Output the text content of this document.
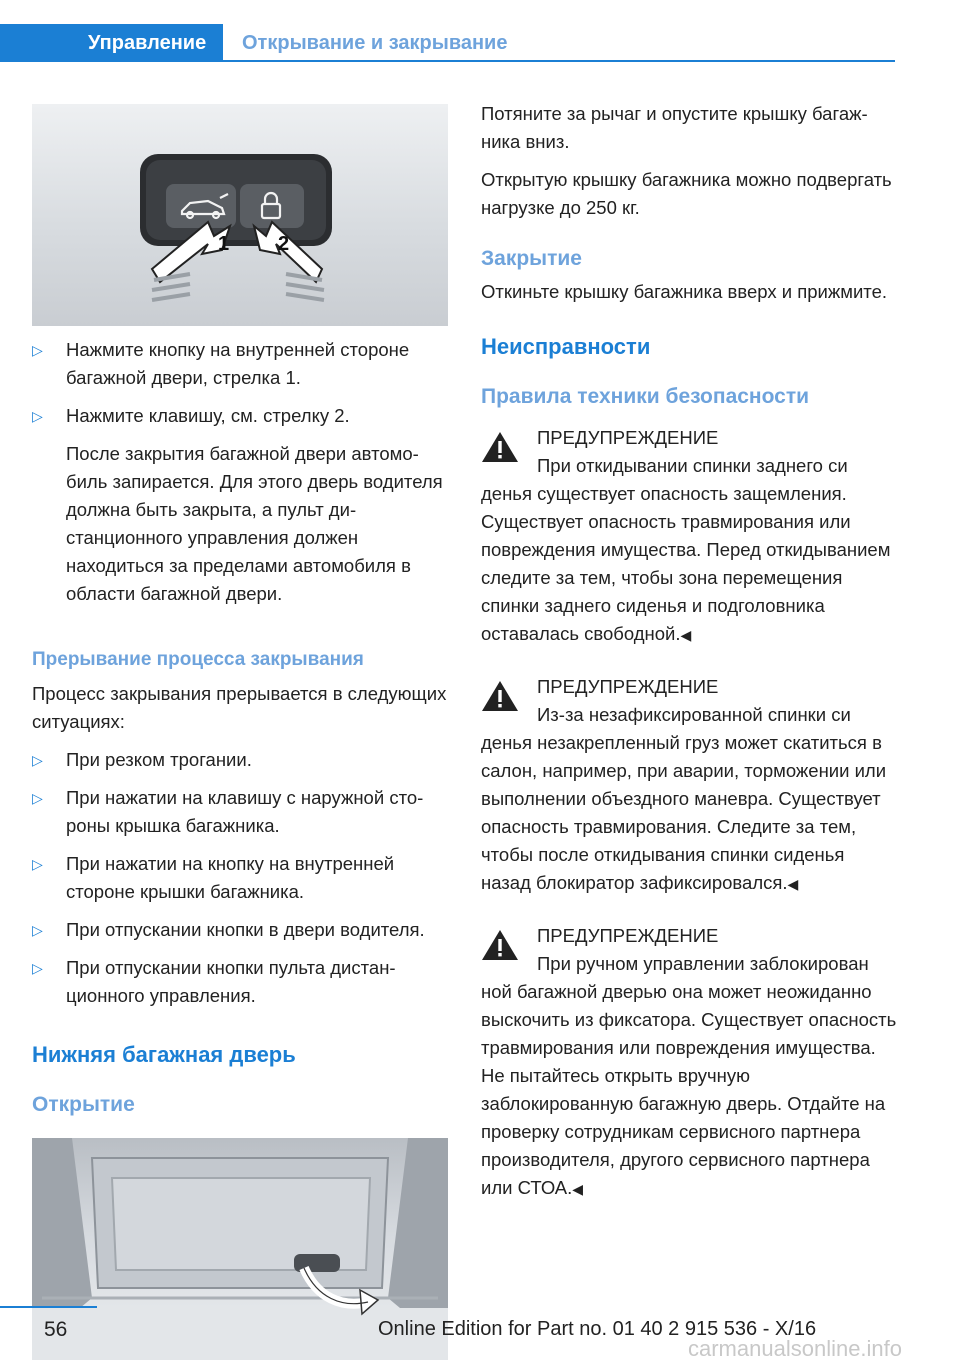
Управление	Открывание и закрывание
1 2
▷ Нажмите кнопку на внутренней стороне багажной двери, стрелка 1.
▷ Нажмите клавишу, см. стрелку 2.
После закрытия багажной двери автомобиль запирается. Для этого дверь водителя должна быть закрыта, а пульт дистанционного управления должен находиться за пределами автомобиля в области багажной двери.
Прерывание процесса закрывания
Процесс закрывания прерывается в следующих ситуациях:
▷ При резком трогании.
▷ При нажатии на клавишу с наружной стороны крышка багажника.
▷ При нажатии на кнопку на внутренней стороне крышки багажника.
▷ При отпускании кнопки в двери водителя.
▷ При отпускании кнопки пульта дистанционного управления.
Нижняя багажная дверь
Открытие
Потяните за рычаг и опустите крышку багажника вниз.
Открытую крышку багажника можно подвергать нагрузке до 250 кг.
Закрытие
Откиньте крышку багажника вверх и прижмите.
Неисправности
Правила техники безопасности
ПРЕДУПРЕЖДЕНИЕ
При откидывании спинки заднего си
денья существует опасность защемления. Существует опасность травмирования или повреждения имущества. Перед откидыванием следите за тем, чтобы зона перемещения спинки заднего сиденья и подголовника оставалась свободной.◀
ПРЕДУПРЕЖДЕНИЕ
Из-за незафиксированной спинки си
денья незакрепленный груз может скатиться в салон, например, при аварии, торможении или выполнении объездного маневра. Существует опасность травмирования. Следите за тем, чтобы после откидывания спинки сиденья назад блокиратор зафиксировался.◀
ПРЕДУПРЕЖДЕНИЕ
При ручном управлении заблокирован
ной багажной дверью она может неожиданно выскочить из фиксатора. Существует опасность травмирования или повреждения имущества. Не пытайтесь открыть вручную заблокированную багажную дверь. Отдайте на проверку сотрудникам сервисного партнера производителя, другого сервисного партнера или СТОА.◀
56	Online Edition for Part no. 01 40 2 915 536 - X/16
carmanualsonline.info
